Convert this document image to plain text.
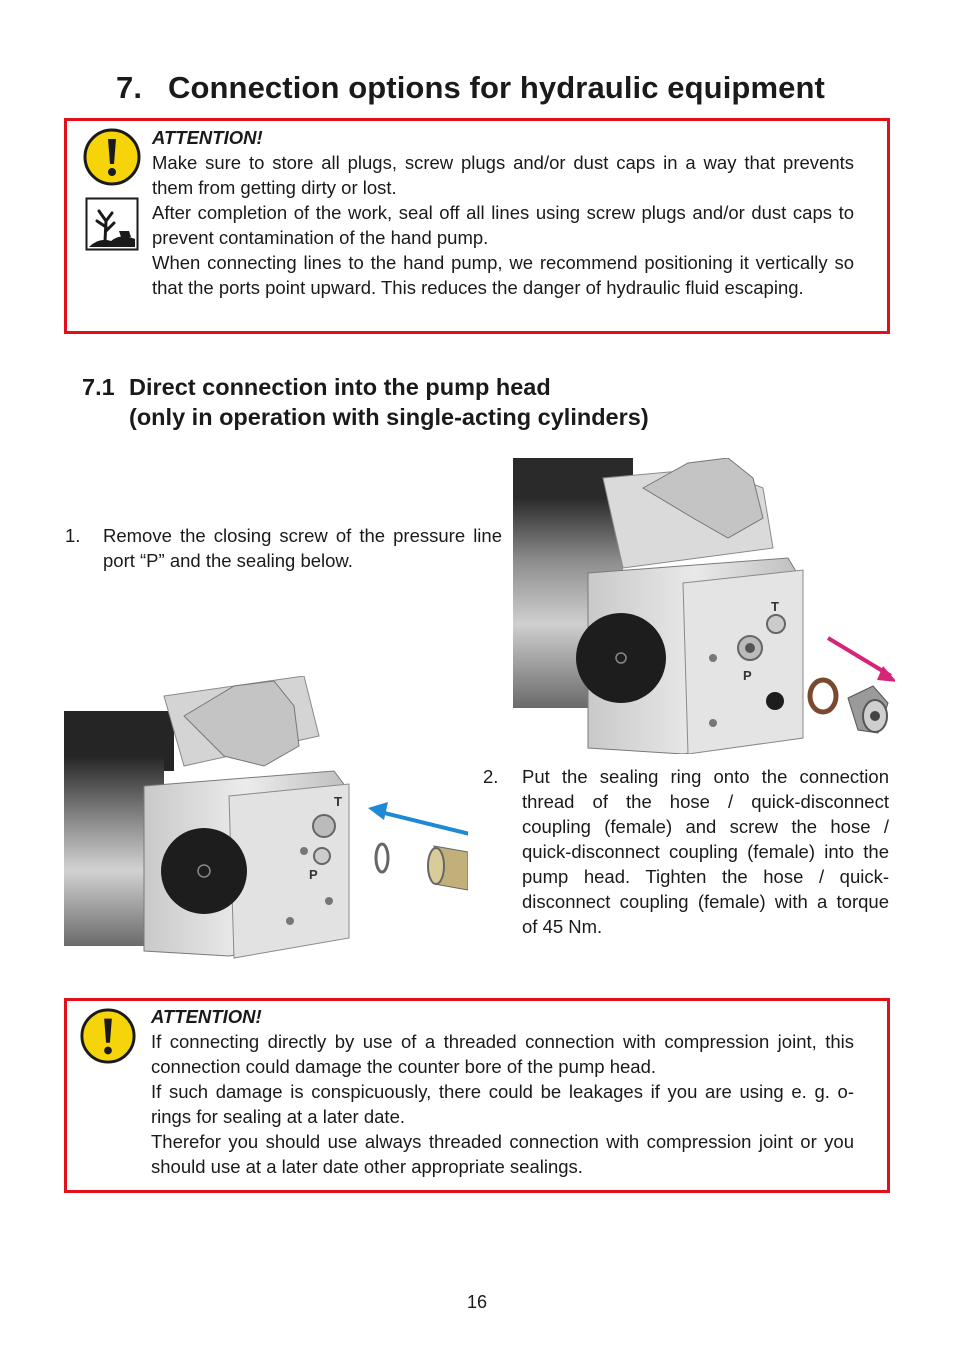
7. Connection options for hydraulic equipment
ATTENTION!

Make sure to store all plugs, screw plugs and/or dust caps in a way that prevents them from getting dirty or lost.

After completion of the work, seal off all lines using screw plugs and/or dust caps to prevent contamination of the hand pump.

When connecting lines to the hand pump, we recommend positioning it vertically so that the ports point upward. This reduces the danger of hydraulic fluid escaping.

7.1 Direct connection into the pump head
(only in operation with single-acting cylinders)
1. Remove the closing screw of the pressure line port “P” and the sealing below.
T
P
T
P
2. Put the sealing ring onto the connection thread of the hose / quick-disconnect coupling (female) and screw the hose / quick-disconnect coupling (female) into the pump head. Tighten the hose / quick-disconnect coupling (female) with a torque of 45 Nm.
ATTENTION!

If connecting directly by use of a threaded connection with compression joint, this connection could damage the counter bore of the pump head.

If such damage is conspicuously, there could be leakages if you are using e. g. o-rings for sealing at a later date.

Therefor you should use always threaded connection with compression joint or you should use at a later date other appropriate sealings.

16
